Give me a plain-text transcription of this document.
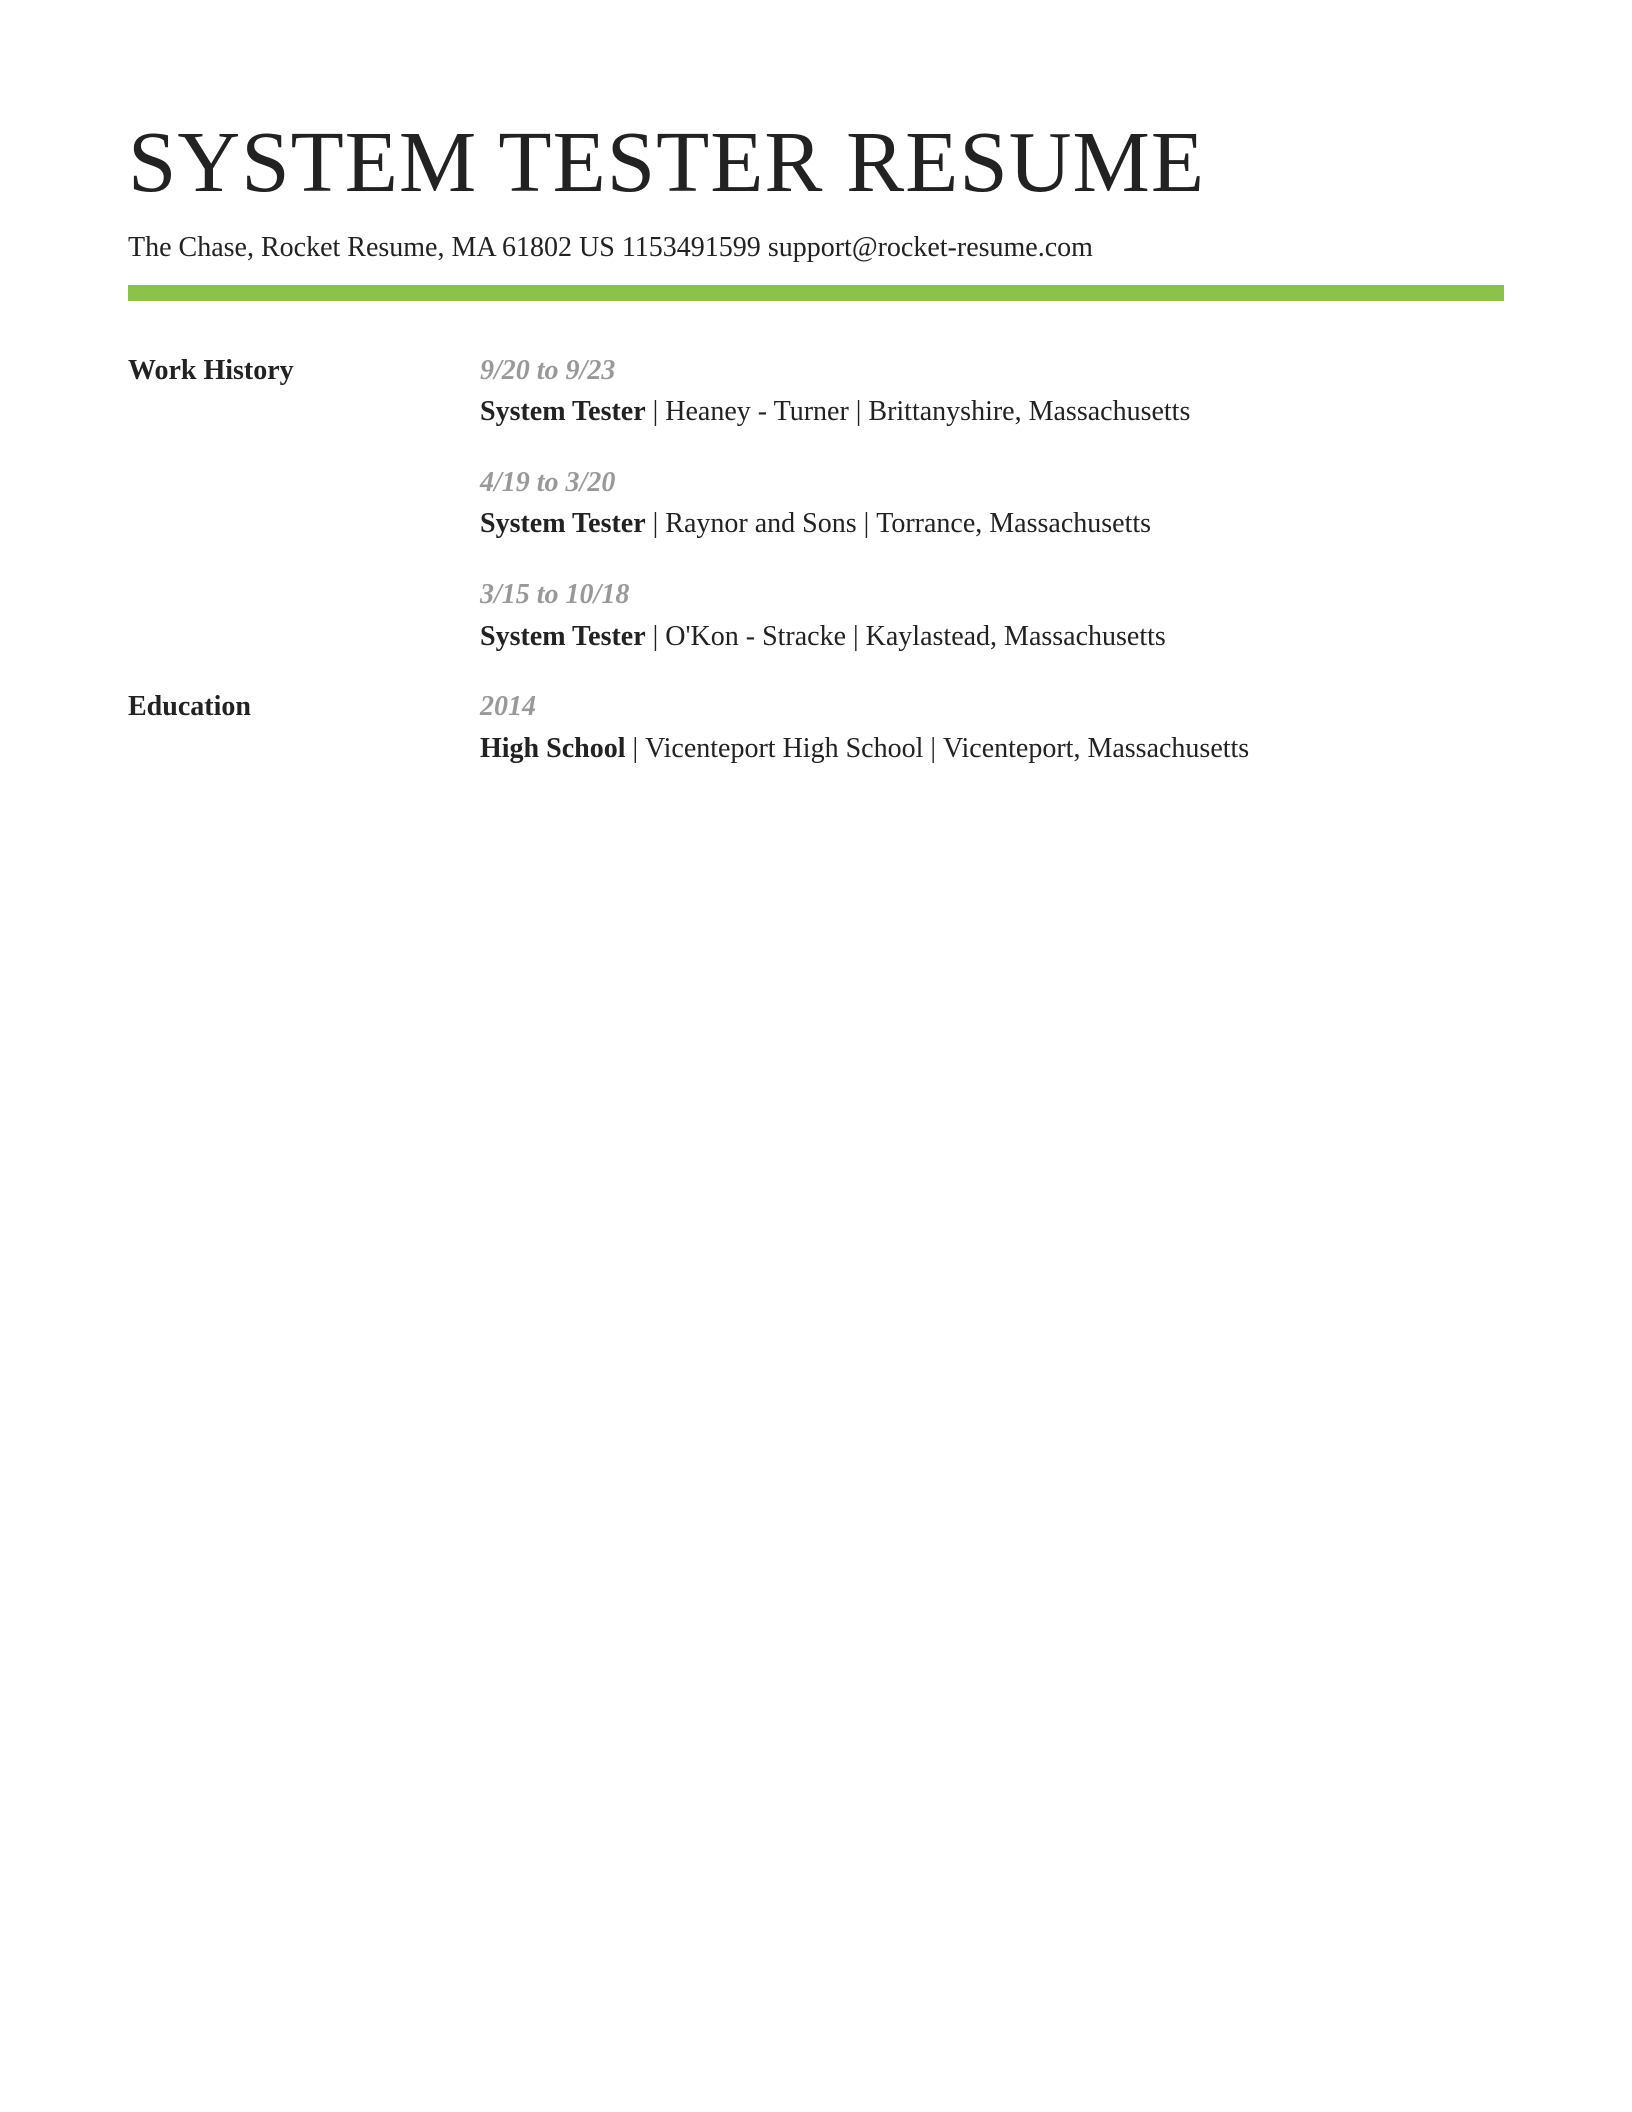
SYSTEM TESTER RESUME
The Chase, Rocket Resume, MA 61802 US 1153491599 support@rocket-resume.com
Work History	9/20 to 9/23
System Tester | Heaney - Turner | Brittanyshire, Massachusetts
4/19 to 3/20
System Tester | Raynor and Sons | Torrance, Massachusetts
3/15 to 10/18
System Tester | O'Kon - Stracke | Kaylastead, Massachusetts
Education	2014
High School | Vicenteport High School | Vicenteport, Massachusetts
